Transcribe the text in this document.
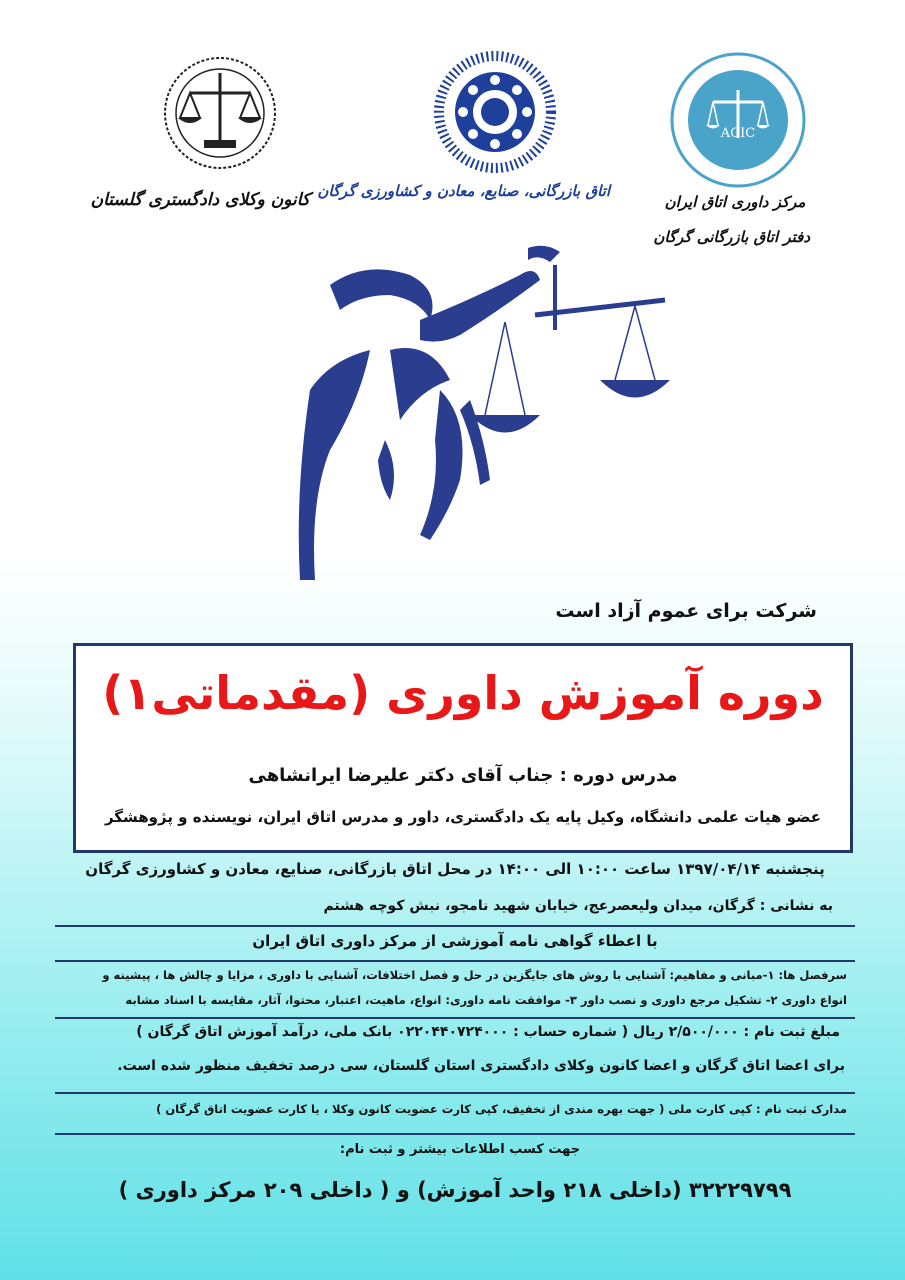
کانون وکلای دادگستری گلستان اتاق بازرگانی، صنایع، معادن و کشاورزی گرگان
ACIC
مرکز داوری اتاق ایران
دفتر اتاق بازرگانی گرگان
شرکت برای عموم آزاد است
دوره آموزش داوری (مقدماتی۱)
مدرس دوره : جناب آقای دکتر علیرضا ایرانشاهی
عضو هیات علمی دانشگاه، وکیل پایه یک دادگستری، داور و مدرس اتاق ایران، نویسنده و پژوهشگر
پنجشنبه ۱۳۹۷/۰۴/۱۴ ساعت ۱۰:۰۰ الی ۱۴:۰۰ در محل اتاق بازرگانی، صنایع، معادن و کشاورزی گرگان
به نشانی : گرگان، میدان ولیعصرعج، خیابان شهید نامجو، نبش کوچه هشتم
با اعطاء گواهی نامه آموزشی از مرکز داوری اتاق ایران
سرفصل ها: ۱-مبانی و مفاهیم: آشنایی با روش های جایگزین در حل و فصل اختلافات، آشنایی با داوری ، مزایا و چالش ها ، پیشینه و
انواع داوری ۲- تشکیل مرجع داوری و نصب داور ۳- موافقت نامه داوری: انواع، ماهیت، اعتبار، محتوا، آثار، مقایسه با اسناد مشابه
مبلغ ثبت نام : ۲/۵۰۰/۰۰۰ ریال ( شماره حساب : ۰۲۲۰۴۴۰۷۲۴۰۰۰ بانک ملی، درآمد آموزش اتاق گرگان )
برای اعضا اتاق گرگان و اعضا کانون وکلای دادگستری استان گلستان، سی درصد تخفیف منظور شده است.
مدارک ثبت نام : کپی کارت ملی ( جهت بهره مندی از تخفیف، کپی کارت عضویت کانون وکلا ، یا کارت عضویت اتاق گرگان )
جهت کسب اطلاعات بیشتر و ثبت نام:
۳۲۲۲۹۷۹۹ (داخلی ۲۱۸ واحد آموزش) و ( داخلی ۲۰۹ مرکز داوری )
